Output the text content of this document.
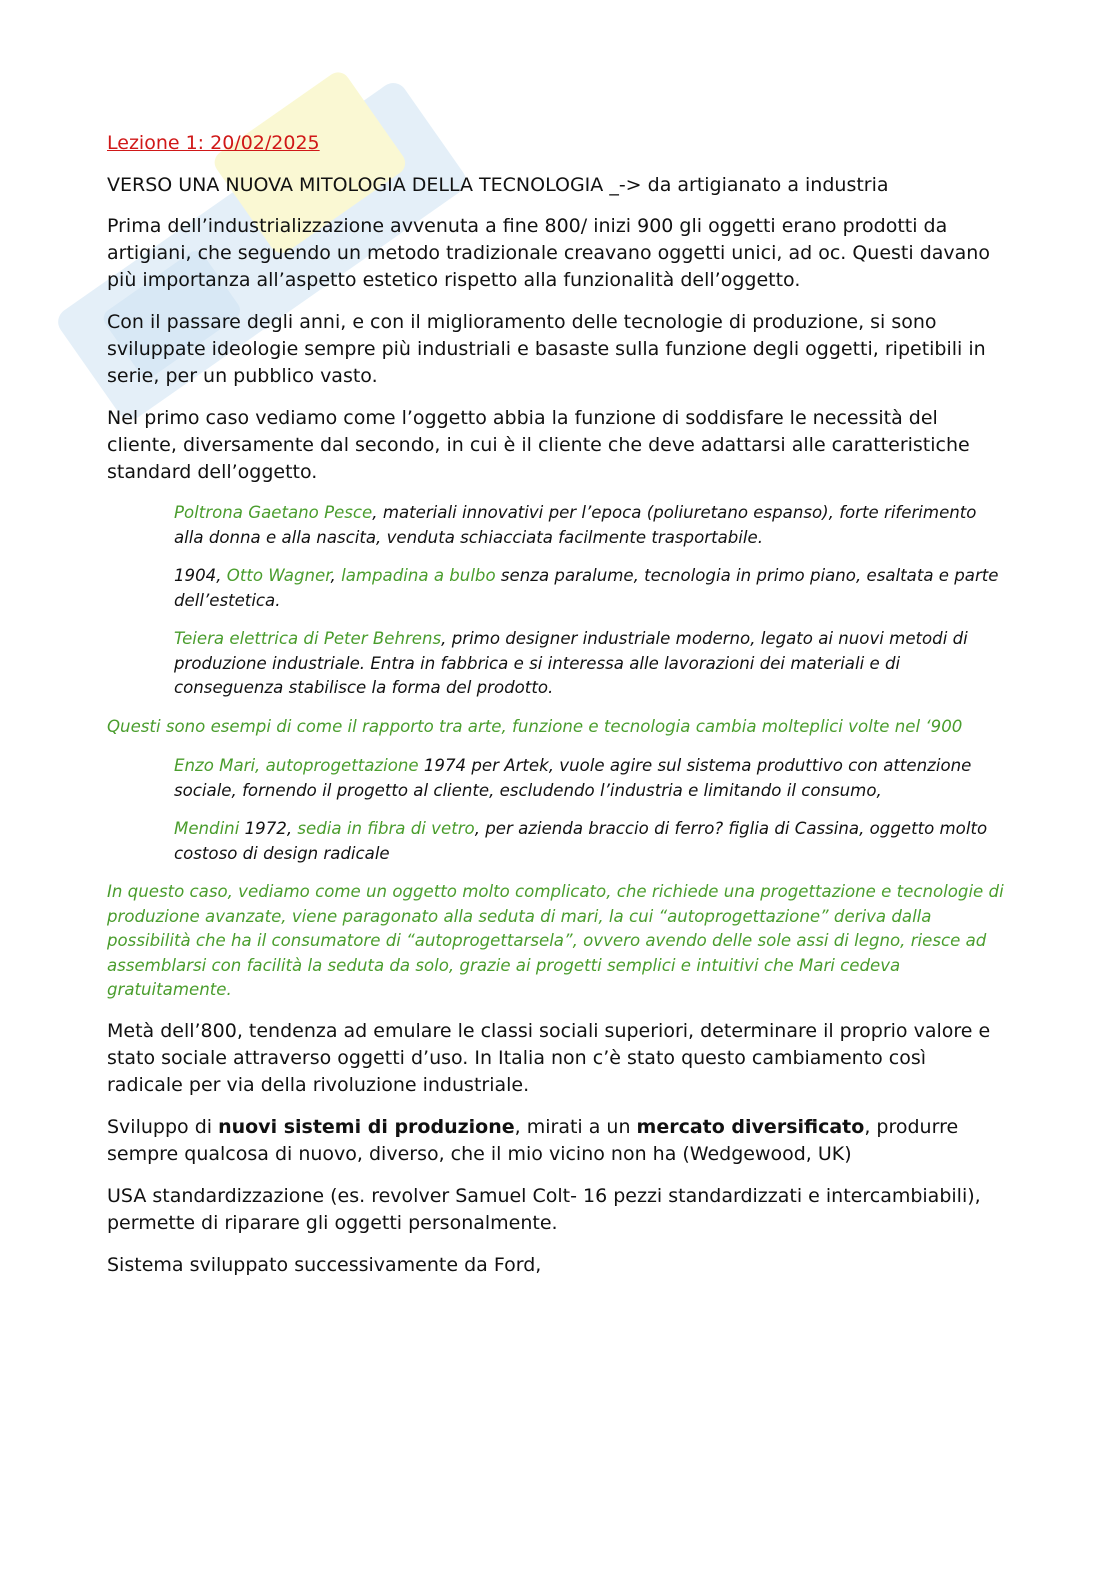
Lezione 1: 20/02/2025

VERSO UNA NUOVA MITOLOGIA DELLA TECNOLOGIA _-> da artigianato a industria

Prima dell’industrializzazione avvenuta a fine 800/ inizi 900 gli oggetti erano prodotti da artigiani, che seguendo un metodo tradizionale creavano oggetti unici, ad oc. Questi davano più importanza all’aspetto estetico rispetto alla funzionalità dell’oggetto.

Con il passare degli anni, e con il miglioramento delle tecnologie di produzione, si sono sviluppate ideologie sempre più industriali e basaste sulla funzione degli oggetti, ripetibili in serie, per un pubblico vasto.

Nel primo caso vediamo come l’oggetto abbia la funzione di soddisfare le necessità del cliente, diversamente dal secondo, in cui è il cliente che deve adattarsi alle caratteristiche standard dell’oggetto.

Poltrona Gaetano Pesce, materiali innovativi per l’epoca (poliuretano espanso), forte riferimento alla donna e alla nascita, venduta schiacciata facilmente trasportabile.

1904, Otto Wagner, lampadina a bulbo senza paralume, tecnologia in primo piano, esaltata e parte dell’estetica.

Teiera elettrica di Peter Behrens, primo designer industriale moderno, legato ai nuovi metodi di produzione industriale. Entra in fabbrica e si interessa alle lavorazioni dei materiali e di conseguenza stabilisce la forma del prodotto.

Questi sono esempi di come il rapporto tra arte, funzione e tecnologia cambia molteplici volte nel ‘900

Enzo Mari, autoprogettazione 1974 per Artek, vuole agire sul sistema produttivo con attenzione sociale, fornendo il progetto al cliente, escludendo l’industria e limitando il consumo,

Mendini 1972, sedia in fibra di vetro, per azienda braccio di ferro? figlia di Cassina, oggetto molto costoso di design radicale

In questo caso, vediamo come un oggetto molto complicato, che richiede una progettazione e tecnologie di produzione avanzate, viene paragonato alla seduta di mari, la cui “autoprogettazione” deriva dalla possibilità che ha il consumatore di “autoprogettarsela”, ovvero avendo delle sole assi di legno, riesce ad assemblarsi con facilità la seduta da solo, grazie ai progetti semplici e intuitivi che Mari cedeva gratuitamente.

Metà dell’800, tendenza ad emulare le classi sociali superiori, determinare il proprio valore e stato sociale attraverso oggetti d’uso. In Italia non c’è stato questo cambiamento così radicale per via della rivoluzione industriale.

Sviluppo di nuovi sistemi di produzione, mirati a un mercato diversificato, produrre sempre qualcosa di nuovo, diverso, che il mio vicino non ha (Wedgewood, UK)

USA standardizzazione (es. revolver Samuel Colt- 16 pezzi standardizzati e intercambiabili), permette di riparare gli oggetti personalmente.

Sistema sviluppato successivamente da Ford,
